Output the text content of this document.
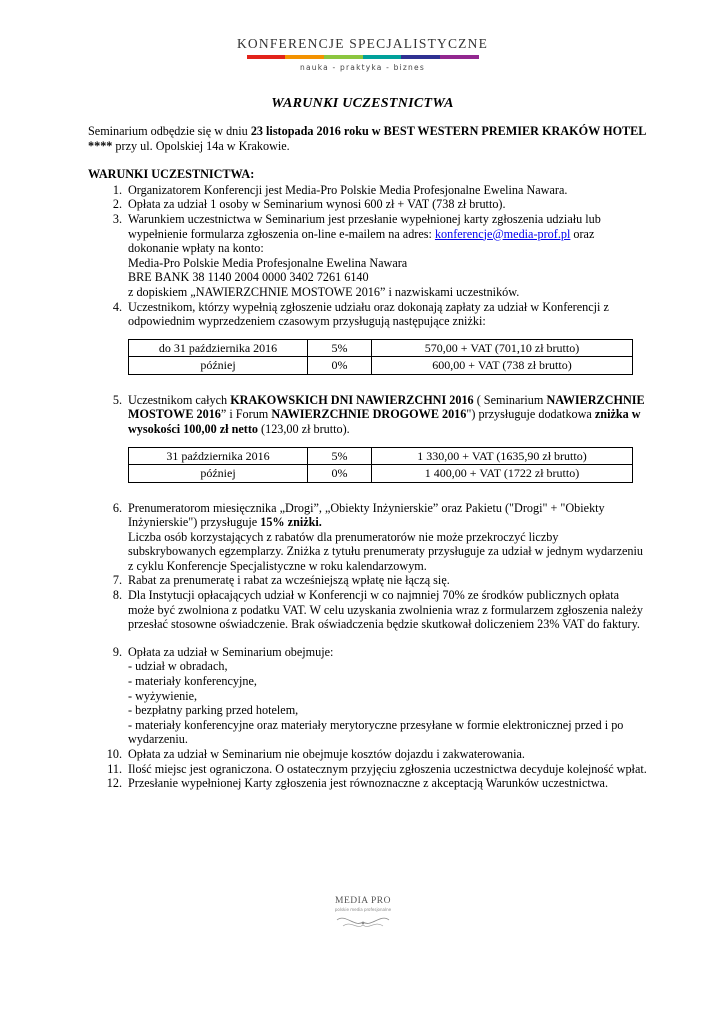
KONFERENCJE SPECJALISTYCZNE
nauka - praktyka - biznes
WARUNKI UCZESTNICTWA

Seminarium odbędzie się w dniu 23 listopada 2016 roku w BEST WESTERN PREMIER KRAKÓW HOTEL **** przy ul. Opolskiej 14a w Krakowie.

WARUNKI UCZESTNICTWA:

1. Organizatorem Konferencji jest Media-Pro Polskie Media Profesjonalne Ewelina Nawara.
2. Opłata za udział 1 osoby w Seminarium wynosi 600 zł + VAT (738 zł brutto).
3. Warunkiem uczestnictwa w Seminarium jest przesłanie wypełnionej karty zgłoszenia udziału lub wypełnienie formularza zgłoszenia on-line e-mailem na adres: konferencje@media-prof.pl oraz dokonanie wpłaty na konto:
Media-Pro Polskie Media Profesjonalne Ewelina Nawara
BRE BANK 38 1140 2004 0000 3402 7261 6140
z dopiskiem „NAWIERZCHNIE MOSTOWE 2016” i nazwiskami uczestników.
4. Uczestnikom, którzy wypełnią zgłoszenie udziału oraz dokonają zapłaty za udział w Konferencji z odpowiednim wyprzedzeniem czasowym przysługują następujące zniżki:
do 31 października 2016	5%	570,00 + VAT (701,10 zł brutto)
później	0%	600,00 + VAT (738 zł brutto)
5. Uczestnikom całych KRAKOWSKICH DNI NAWIERZCHNI 2016 ( Seminarium NAWIERZCHNIE MOSTOWE 2016” i Forum NAWIERZCHNIE DROGOWE 2016") przysługuje dodatkowa zniżka w wysokości 100,00 zł netto (123,00 zł brutto).
31 października 2016	5%	1 330,00 + VAT (1635,90 zł brutto)
później	0%	1 400,00 + VAT (1722 zł brutto)
6. Prenumeratorom miesięcznika „Drogi”, „Obiekty Inżynierskie” oraz Pakietu ("Drogi" + "Obiekty Inżynierskie") przysługuje 15% zniżki.
Liczba osób korzystających z rabatów dla prenumeratorów nie może przekroczyć liczby subskrybowanych egzemplarzy. Zniżka z tytułu prenumeraty przysługuje za udział w jednym wydarzeniu z cyklu Konferencje Specjalistyczne w roku kalendarzowym.
7. Rabat za prenumeratę i rabat za wcześniejszą wpłatę nie łączą się.
8. Dla Instytucji opłacających udział w Konferencji w co najmniej 70% ze środków publicznych opłata może być zwolniona z podatku VAT. W celu uzyskania zwolnienia wraz z formularzem zgłoszenia należy przesłać stosowne oświadczenie. Brak oświadczenia będzie skutkował doliczeniem 23% VAT do faktury.
9. Opłata za udział w Seminarium obejmuje:
- udział w obradach,
- materiały konferencyjne,
- wyżywienie,
- bezpłatny parking przed hotelem,
- materiały konferencyjne oraz materiały merytoryczne przesyłane w formie elektronicznej przed i po wydarzeniu.
10. Opłata za udział w Seminarium nie obejmuje kosztów dojazdu i zakwaterowania.
11. Ilość miejsc jest ograniczona. O ostatecznym przyjęciu zgłoszenia uczestnictwa decyduje kolejność wpłat.
12. Przesłanie wypełnionej Karty zgłoszenia jest równoznaczne z akceptacją Warunków uczestnictwa.
MEDIA PRO
polskie media profesjonalne
